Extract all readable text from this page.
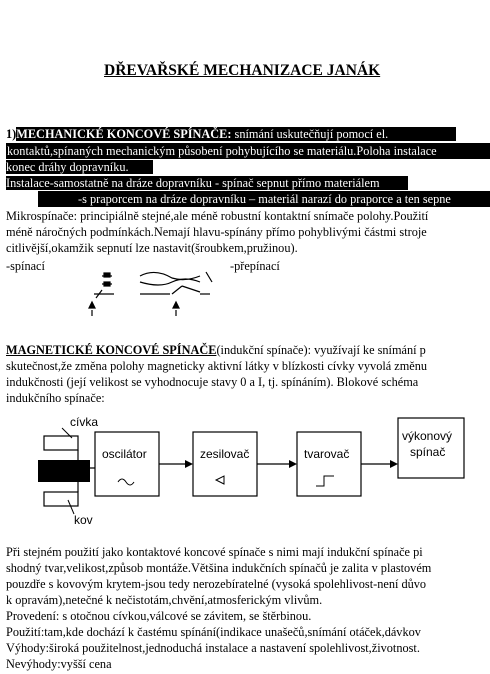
DŘEVAŘSKÉ MECHANIZACE JANÁK
1)MECHANICKÉ KONCOVÉ SPÍNAČE: snímání uskutečňují pomocí el.
kontaktů,spínaných mechanickým působení pohybujícího se materiálu.Poloha instalace
konec dráhy dopravníku.
Instalace-samostatně na dráze dopravníku - spínač sepnut přímo materiálem
-s praporcem na dráze dopravníku – materiál narazí do praporce a ten sepne
Mikrospínače: principiálně stejné,ale méně robustní kontaktní snímače polohy.Použití
méně náročných podmínkách.Nemají hlavu-spínány přímo pohyblivými částmi stroje
citlivější,okamžik sepnutí lze nastavit(šroubkem,pružinou).
-spínací	-přepínací
MAGNETICKÉ KONCOVÉ SPÍNAČE(indukční spínače): využívají ke snímání p
skutečnost,že změna polohy magneticky aktivní látky v blízkosti cívky vyvolá změnu
indukčnosti (její velikost se vyhodnocuje stavy 0 a I, tj. spínáním). Blokové schéma
indukčního spínače:
cívka
kov
oscilátor	zesilovač	tvarovač
výkonový
spínač
Při stejném použití jako kontaktové koncové spínače s nimi mají indukční spínače pi
shodný tvar,velikost,způsob montáže.Většina indukčních spínačů je zalita v plastovém
pouzdře s kovovým krytem-jsou tedy nerozebíratelné (vysoká spolehlivost-není důvo
k opravám),netečné k nečistotám,chvění,atmosferickým vlivům.
Provedení: s otočnou cívkou,válcové se závitem, se štěrbinou.
Použití:tam,kde dochází k častému spínání(indikace unašečů,snímání otáček,dávkov
Výhody:široká použitelnost,jednoduchá instalace a nastavení spolehlivost,životnost.
Nevýhody:vyšší cena
